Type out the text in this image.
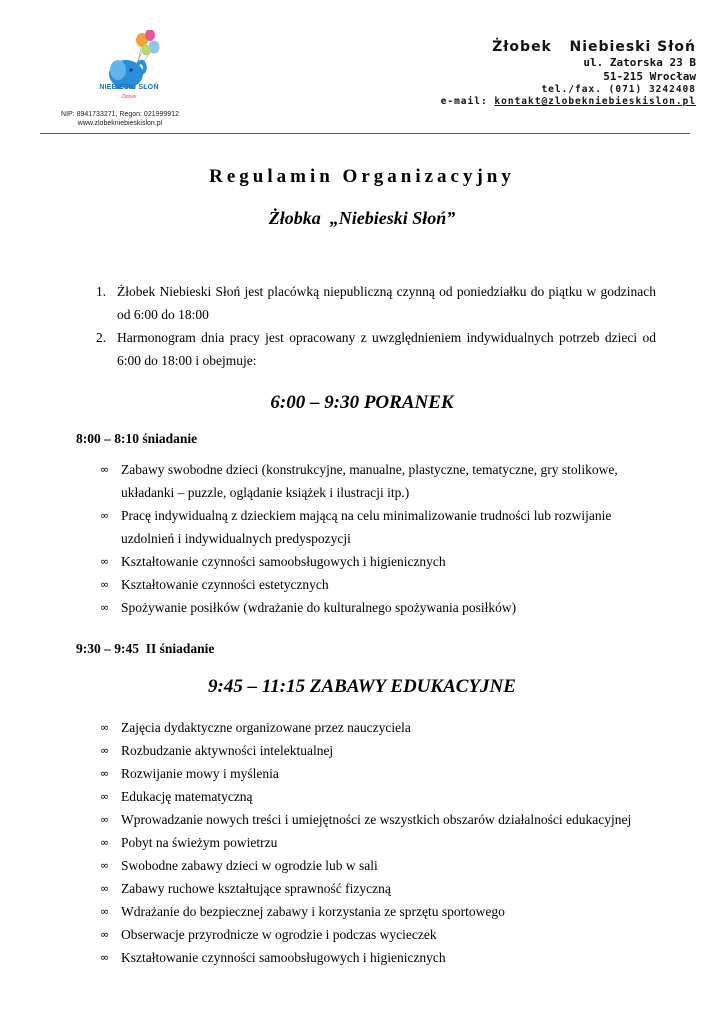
NIEBIESKI SŁOŃ
Żłobek
NIP: 8941733271, Regon: 021999912
www.zlobekniebieskislon.pl
Żłobek   Niebieski Słoń
ul. Zatorska 23 B
51-215 Wrocław
tel./fax. (071) 3242408
e-mail: kontakt@zlobekniebieskislon.pl
Regulamin Organizacyjny
Żłobka  „Niebieski Słoń”
1. Żłobek Niebieski Słoń jest placówką niepubliczną czynną od poniedziałku do piątku w godzinach od 6:00 do 18:00
2. Harmonogram dnia pracy jest opracowany z uwzględnieniem indywidualnych potrzeb dzieci od 6:00 do 18:00 i obejmuje:
6:00 – 9:30 PORANEK
8:00 – 8:10 śniadanie
∞ Zabawy swobodne dzieci (konstrukcyjne, manualne, plastyczne, tematyczne, gry stolikowe, układanki – puzzle, oglądanie książek i ilustracji itp.)
∞ Pracę indywidualną z dzieckiem mającą na celu minimalizowanie trudności lub rozwijanie uzdolnień i indywidualnych predyspozycji
∞ Kształtowanie czynności samoobsługowych i higienicznych
∞ Kształtowanie czynności estetycznych
∞ Spożywanie posiłków (wdrażanie do kulturalnego spożywania posiłków)
9:30 – 9:45  II śniadanie
9:45 – 11:15 ZABAWY EDUKACYJNE
∞ Zajęcia dydaktyczne organizowane przez nauczyciela
∞ Rozbudzanie aktywności intelektualnej
∞ Rozwijanie mowy i myślenia
∞ Edukację matematyczną
∞ Wprowadzanie nowych treści i umiejętności ze wszystkich obszarów działalności edukacyjnej
∞ Pobyt na świeżym powietrzu
∞ Swobodne zabawy dzieci w ogrodzie lub w sali
∞ Zabawy ruchowe kształtujące sprawność fizyczną
∞ Wdrażanie do bezpiecznej zabawy i korzystania ze sprzętu sportowego
∞ Obserwacje przyrodnicze w ogrodzie i podczas wycieczek
∞ Kształtowanie czynności samoobsługowych i higienicznych
